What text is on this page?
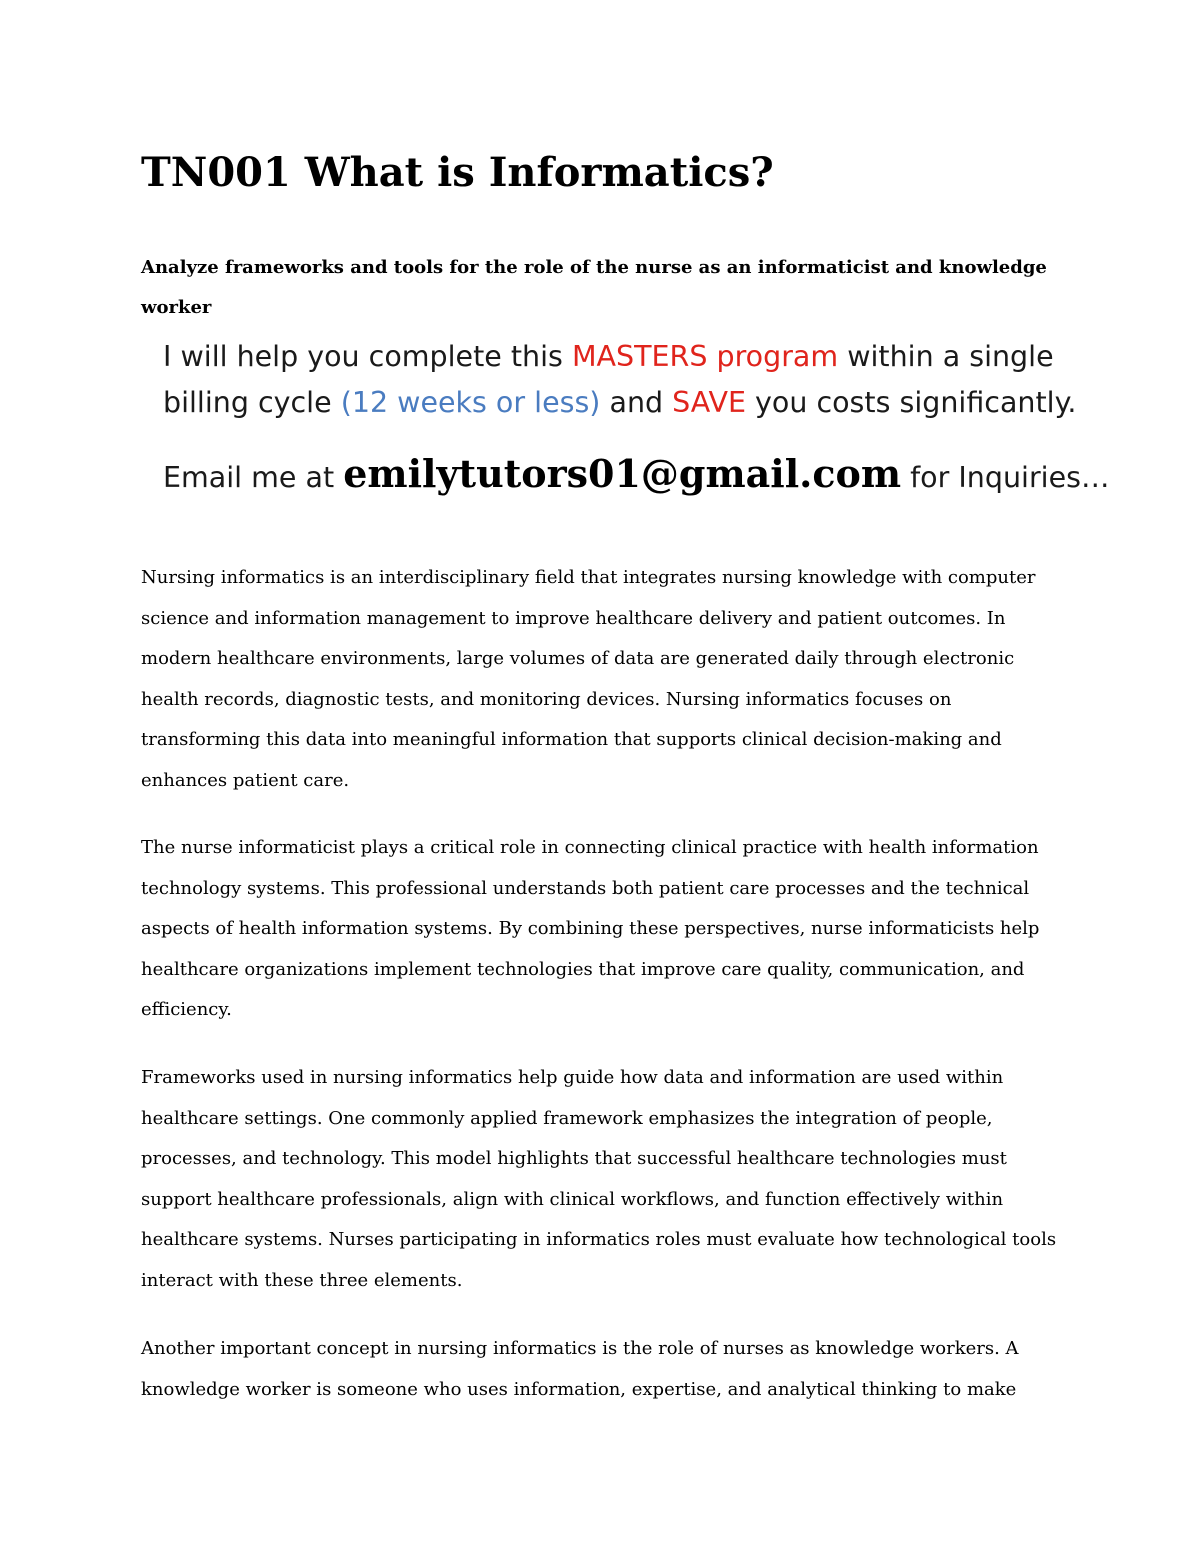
TN001 What is Informatics?

Analyze frameworks and tools for the role of the nurse as an informaticist and knowledge worker

I will help you complete this MASTERS program within a single
billing cycle (12 weeks or less) and SAVE you costs significantly.
Email me at emilytutors01@gmail.com for Inquiries…

Nursing informatics is an interdisciplinary field that integrates nursing knowledge with computer science and information management to improve healthcare delivery and patient outcomes. In modern healthcare environments, large volumes of data are generated daily through electronic health records, diagnostic tests, and monitoring devices. Nursing informatics focuses on transforming this data into meaningful information that supports clinical decision-making and enhances patient care.

The nurse informaticist plays a critical role in connecting clinical practice with health information technology systems. This professional understands both patient care processes and the technical aspects of health information systems. By combining these perspectives, nurse informaticists help healthcare organizations implement technologies that improve care quality, communication, and efficiency.

Frameworks used in nursing informatics help guide how data and information are used within healthcare settings. One commonly applied framework emphasizes the integration of people, processes, and technology. This model highlights that successful healthcare technologies must support healthcare professionals, align with clinical workflows, and function effectively within healthcare systems. Nurses participating in informatics roles must evaluate how technological tools interact with these three elements.

Another important concept in nursing informatics is the role of nurses as knowledge workers. A knowledge worker is someone who uses information, expertise, and analytical thinking to make
